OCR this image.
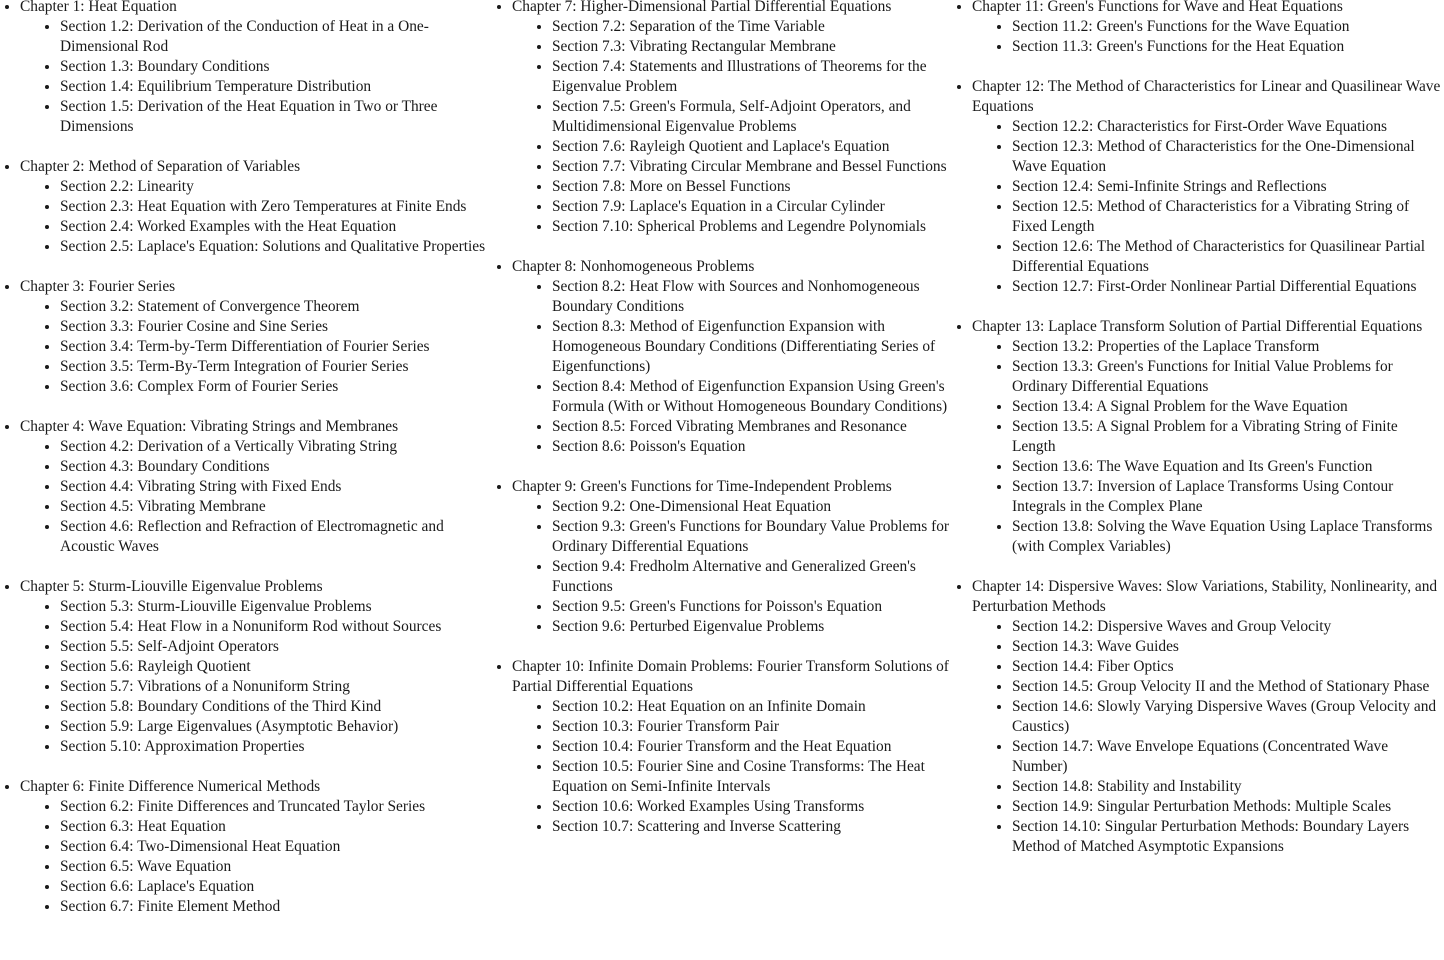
• Chapter 1: Heat Equation
• Section 1.2: Derivation of the Conduction of Heat in a One-Dimensional Rod
• Section 1.3: Boundary Conditions
• Section 1.4: Equilibrium Temperature Distribution
• Section 1.5: Derivation of the Heat Equation in Two or Three Dimensions
• Chapter 2: Method of Separation of Variables
• Section 2.2: Linearity
• Section 2.3: Heat Equation with Zero Temperatures at Finite Ends
• Section 2.4: Worked Examples with the Heat Equation
• Section 2.5: Laplace's Equation: Solutions and Qualitative Properties
• Chapter 3: Fourier Series
• Section 3.2: Statement of Convergence Theorem
• Section 3.3: Fourier Cosine and Sine Series
• Section 3.4: Term-by-Term Differentiation of Fourier Series
• Section 3.5: Term-By-Term Integration of Fourier Series
• Section 3.6: Complex Form of Fourier Series
• Chapter 4: Wave Equation: Vibrating Strings and Membranes
• Section 4.2: Derivation of a Vertically Vibrating String
• Section 4.3: Boundary Conditions
• Section 4.4: Vibrating String with Fixed Ends
• Section 4.5: Vibrating Membrane
• Section 4.6: Reflection and Refraction of Electromagnetic and Acoustic Waves
• Chapter 5: Sturm-Liouville Eigenvalue Problems
• Section 5.3: Sturm-Liouville Eigenvalue Problems
• Section 5.4: Heat Flow in a Nonuniform Rod without Sources
• Section 5.5: Self-Adjoint Operators
• Section 5.6: Rayleigh Quotient
• Section 5.7: Vibrations of a Nonuniform String
• Section 5.8: Boundary Conditions of the Third Kind
• Section 5.9: Large Eigenvalues (Asymptotic Behavior)
• Section 5.10: Approximation Properties
• Chapter 6: Finite Difference Numerical Methods
• Section 6.2: Finite Differences and Truncated Taylor Series
• Section 6.3: Heat Equation
• Section 6.4: Two-Dimensional Heat Equation
• Section 6.5: Wave Equation
• Section 6.6: Laplace's Equation
• Section 6.7: Finite Element Method
• Chapter 7: Higher-Dimensional Partial Differential Equations
• Section 7.2: Separation of the Time Variable
• Section 7.3: Vibrating Rectangular Membrane
• Section 7.4: Statements and Illustrations of Theorems for the Eigenvalue Problem
• Section 7.5: Green's Formula, Self-Adjoint Operators, and Multidimensional Eigenvalue Problems
• Section 7.6: Rayleigh Quotient and Laplace's Equation
• Section 7.7: Vibrating Circular Membrane and Bessel Functions
• Section 7.8: More on Bessel Functions
• Section 7.9: Laplace's Equation in a Circular Cylinder
• Section 7.10: Spherical Problems and Legendre Polynomials
• Chapter 8: Nonhomogeneous Problems
• Section 8.2: Heat Flow with Sources and Nonhomogeneous Boundary Conditions
• Section 8.3: Method of Eigenfunction Expansion with Homogeneous Boundary Conditions (Differentiating Series of Eigenfunctions)
• Section 8.4: Method of Eigenfunction Expansion Using Green's Formula (With or Without Homogeneous Boundary Conditions)
• Section 8.5: Forced Vibrating Membranes and Resonance
• Section 8.6: Poisson's Equation
• Chapter 9: Green's Functions for Time-Independent Problems
• Section 9.2: One-Dimensional Heat Equation
• Section 9.3: Green's Functions for Boundary Value Problems for Ordinary Differential Equations
• Section 9.4: Fredholm Alternative and Generalized Green's Functions
• Section 9.5: Green's Functions for Poisson's Equation
• Section 9.6: Perturbed Eigenvalue Problems
• Chapter 10: Infinite Domain Problems: Fourier Transform Solutions of Partial Differential Equations
• Section 10.2: Heat Equation on an Infinite Domain
• Section 10.3: Fourier Transform Pair
• Section 10.4: Fourier Transform and the Heat Equation
• Section 10.5: Fourier Sine and Cosine Transforms: The Heat Equation on Semi-Infinite Intervals
• Section 10.6: Worked Examples Using Transforms
• Section 10.7: Scattering and Inverse Scattering
• Chapter 11: Green's Functions for Wave and Heat Equations
• Section 11.2: Green's Functions for the Wave Equation
• Section 11.3: Green's Functions for the Heat Equation
• Chapter 12: The Method of Characteristics for Linear and Quasilinear Wave Equations
• Section 12.2: Characteristics for First-Order Wave Equations
• Section 12.3: Method of Characteristics for the One-Dimensional Wave Equation
• Section 12.4: Semi-Infinite Strings and Reflections
• Section 12.5: Method of Characteristics for a Vibrating String of Fixed Length
• Section 12.6: The Method of Characteristics for Quasilinear Partial Differential Equations
• Section 12.7: First-Order Nonlinear Partial Differential Equations
• Chapter 13: Laplace Transform Solution of Partial Differential Equations
• Section 13.2: Properties of the Laplace Transform
• Section 13.3: Green's Functions for Initial Value Problems for Ordinary Differential Equations
• Section 13.4: A Signal Problem for the Wave Equation
• Section 13.5: A Signal Problem for a Vibrating String of Finite Length
• Section 13.6: The Wave Equation and Its Green's Function
• Section 13.7: Inversion of Laplace Transforms Using Contour Integrals in the Complex Plane
• Section 13.8: Solving the Wave Equation Using Laplace Transforms (with Complex Variables)
• Chapter 14: Dispersive Waves: Slow Variations, Stability, Nonlinearity, and Perturbation Methods
• Section 14.2: Dispersive Waves and Group Velocity
• Section 14.3: Wave Guides
• Section 14.4: Fiber Optics
• Section 14.5: Group Velocity II and the Method of Stationary Phase
• Section 14.6: Slowly Varying Dispersive Waves (Group Velocity and Caustics)
• Section 14.7: Wave Envelope Equations (Concentrated Wave Number)
• Section 14.8: Stability and Instability
• Section 14.9: Singular Perturbation Methods: Multiple Scales
• Section 14.10: Singular Perturbation Methods: Boundary Layers Method of Matched Asymptotic Expansions
